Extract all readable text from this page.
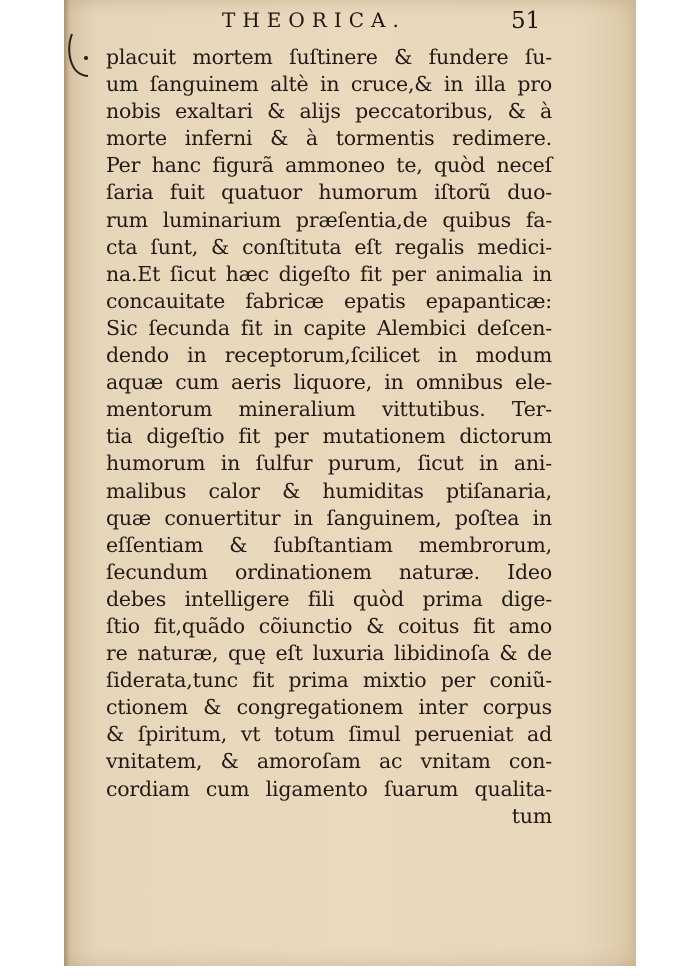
THEORICA.	51
placuit mortem ſuſtinere & fundere ſu-
um ſanguinem altè in cruce,& in illa pro
nobis exaltari & alijs peccatoribus, & à
morte inferni & à tormentis redimere.
Per hanc figurã ammoneo te, quòd neceſ
ſaria fuit quatuor humorum iſtorũ duo-
rum luminarium præſentia,de quibus fa-
cta ſunt, & conſtituta eſt regalis medici-
na.Et ſicut hæc digeſto fit per animalia in
concauitate fabricæ epatis epapanticæ:
Sic ſecunda fit in capite Alembici deſcen-
dendo in receptorum,ſcilicet in modum
aquæ cum aeris liquore, in omnibus ele-
mentorum mineralium vittutibus. Ter-
tia digeſtio fit per mutationem dictorum
humorum in ſulfur purum, ſicut in ani-
malibus calor & humiditas ptiſanaria,
quæ conuertitur in ſanguinem, poſtea in
eſſentiam & ſubſtantiam membrorum,
ſecundum ordinationem naturæ. Ideo
debes intelligere fili quòd prima dige-
ſtio fit,quãdo cõiunctio & coitus fit amo
re naturæ, quę eſt luxuria libidinoſa & de
ſiderata,tunc fit prima mixtio per coniũ-
ctionem & congregationem inter corpus
& ſpiritum, vt totum ſimul perueniat ad
vnitatem, & amoroſam ac vnitam con-
cordiam cum ligamento ſuarum qualita-
tum
